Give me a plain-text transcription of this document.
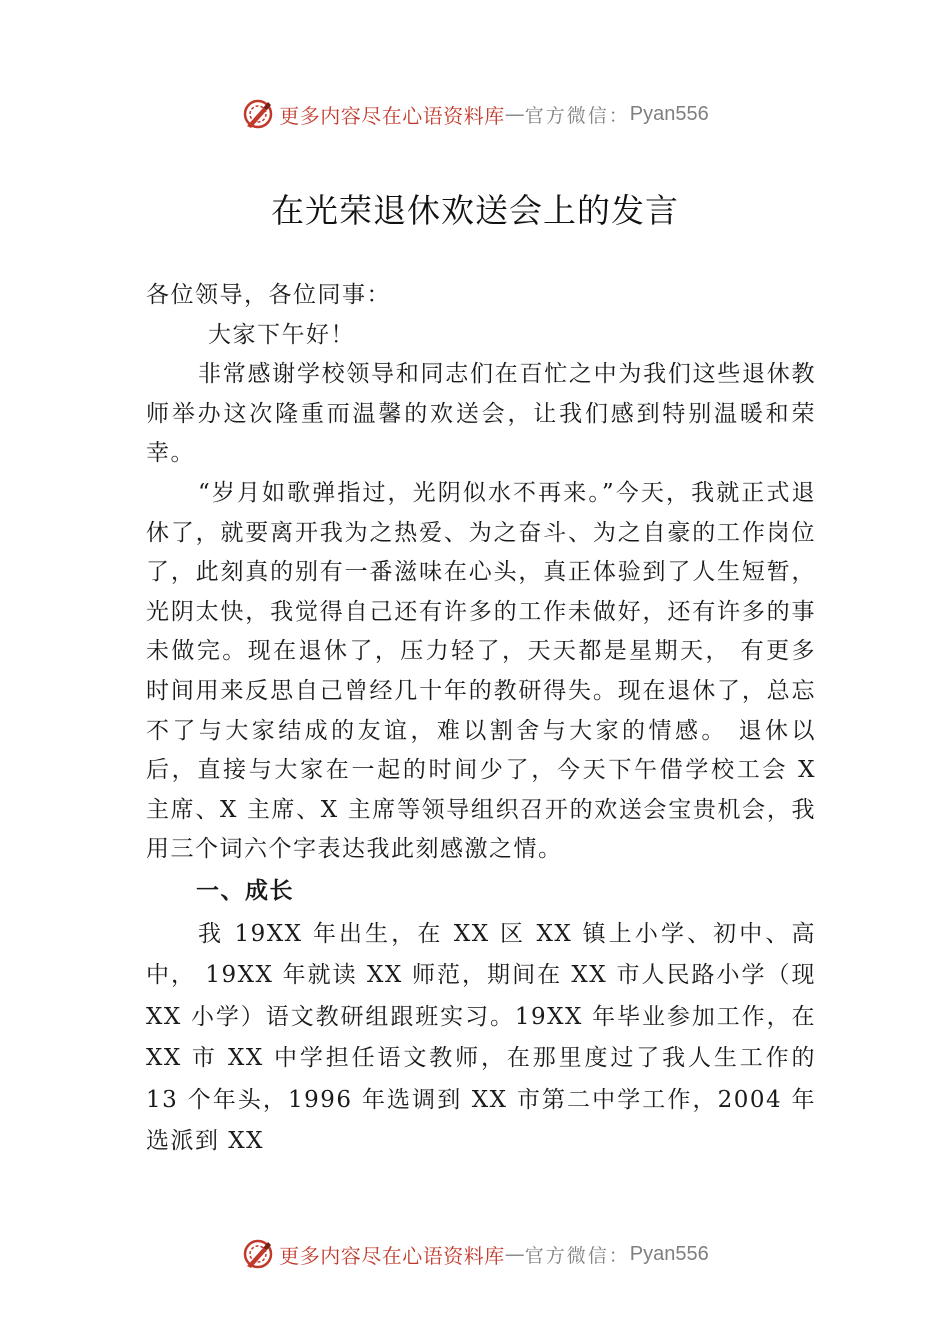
更多内容尽在心语资料库 — 官方微信： Pyan556
在光荣退休欢送会上的发言

各位领导，各位同事：

大家下午好！

非常感谢学校领导和同志们在百忙之中为我们这些退休教师举办这次隆重而温馨的欢送会，让我们感到特别温暖和荣幸。

“岁月如歌弹指过，光阴似水不再来。”今天，我就正式退休了，就要离开我为之热爱、为之奋斗、为之自豪的工作岗位了，此刻真的别有一番滋味在心头，真正体验到了人生短暂，光阴太快，我觉得自己还有许多的工作未做好，还有许多的事未做完。现在退休了，压力轻了，天天都是星期天， 有更多时间用来反思自己曾经几十年的教研得失。现在退休了，总忘不了与大家结成的友谊，难以割舍与大家的情感。 退休以后，直接与大家在一起的时间少了，今天下午借学校工会 X 主席、X 主席、X 主席等领导组织召开的欢送会宝贵机会，我用三个词六个字表达我此刻感激之情。

一、成长

我 19XX 年出生，在 XX 区 XX 镇上小学、初中、高中， 19XX 年就读 XX 师范，期间在 XX 市人民路小学（现 XX 小学）语文教研组跟班实习。19XX 年毕业参加工作，在 XX 市 XX 中学担任语文教师，在那里度过了我人生工作的 13 个年头，1996 年选调到 XX 市第二中学工作，2004 年选派到 XX

更多内容尽在心语资料库 — 官方微信： Pyan556
